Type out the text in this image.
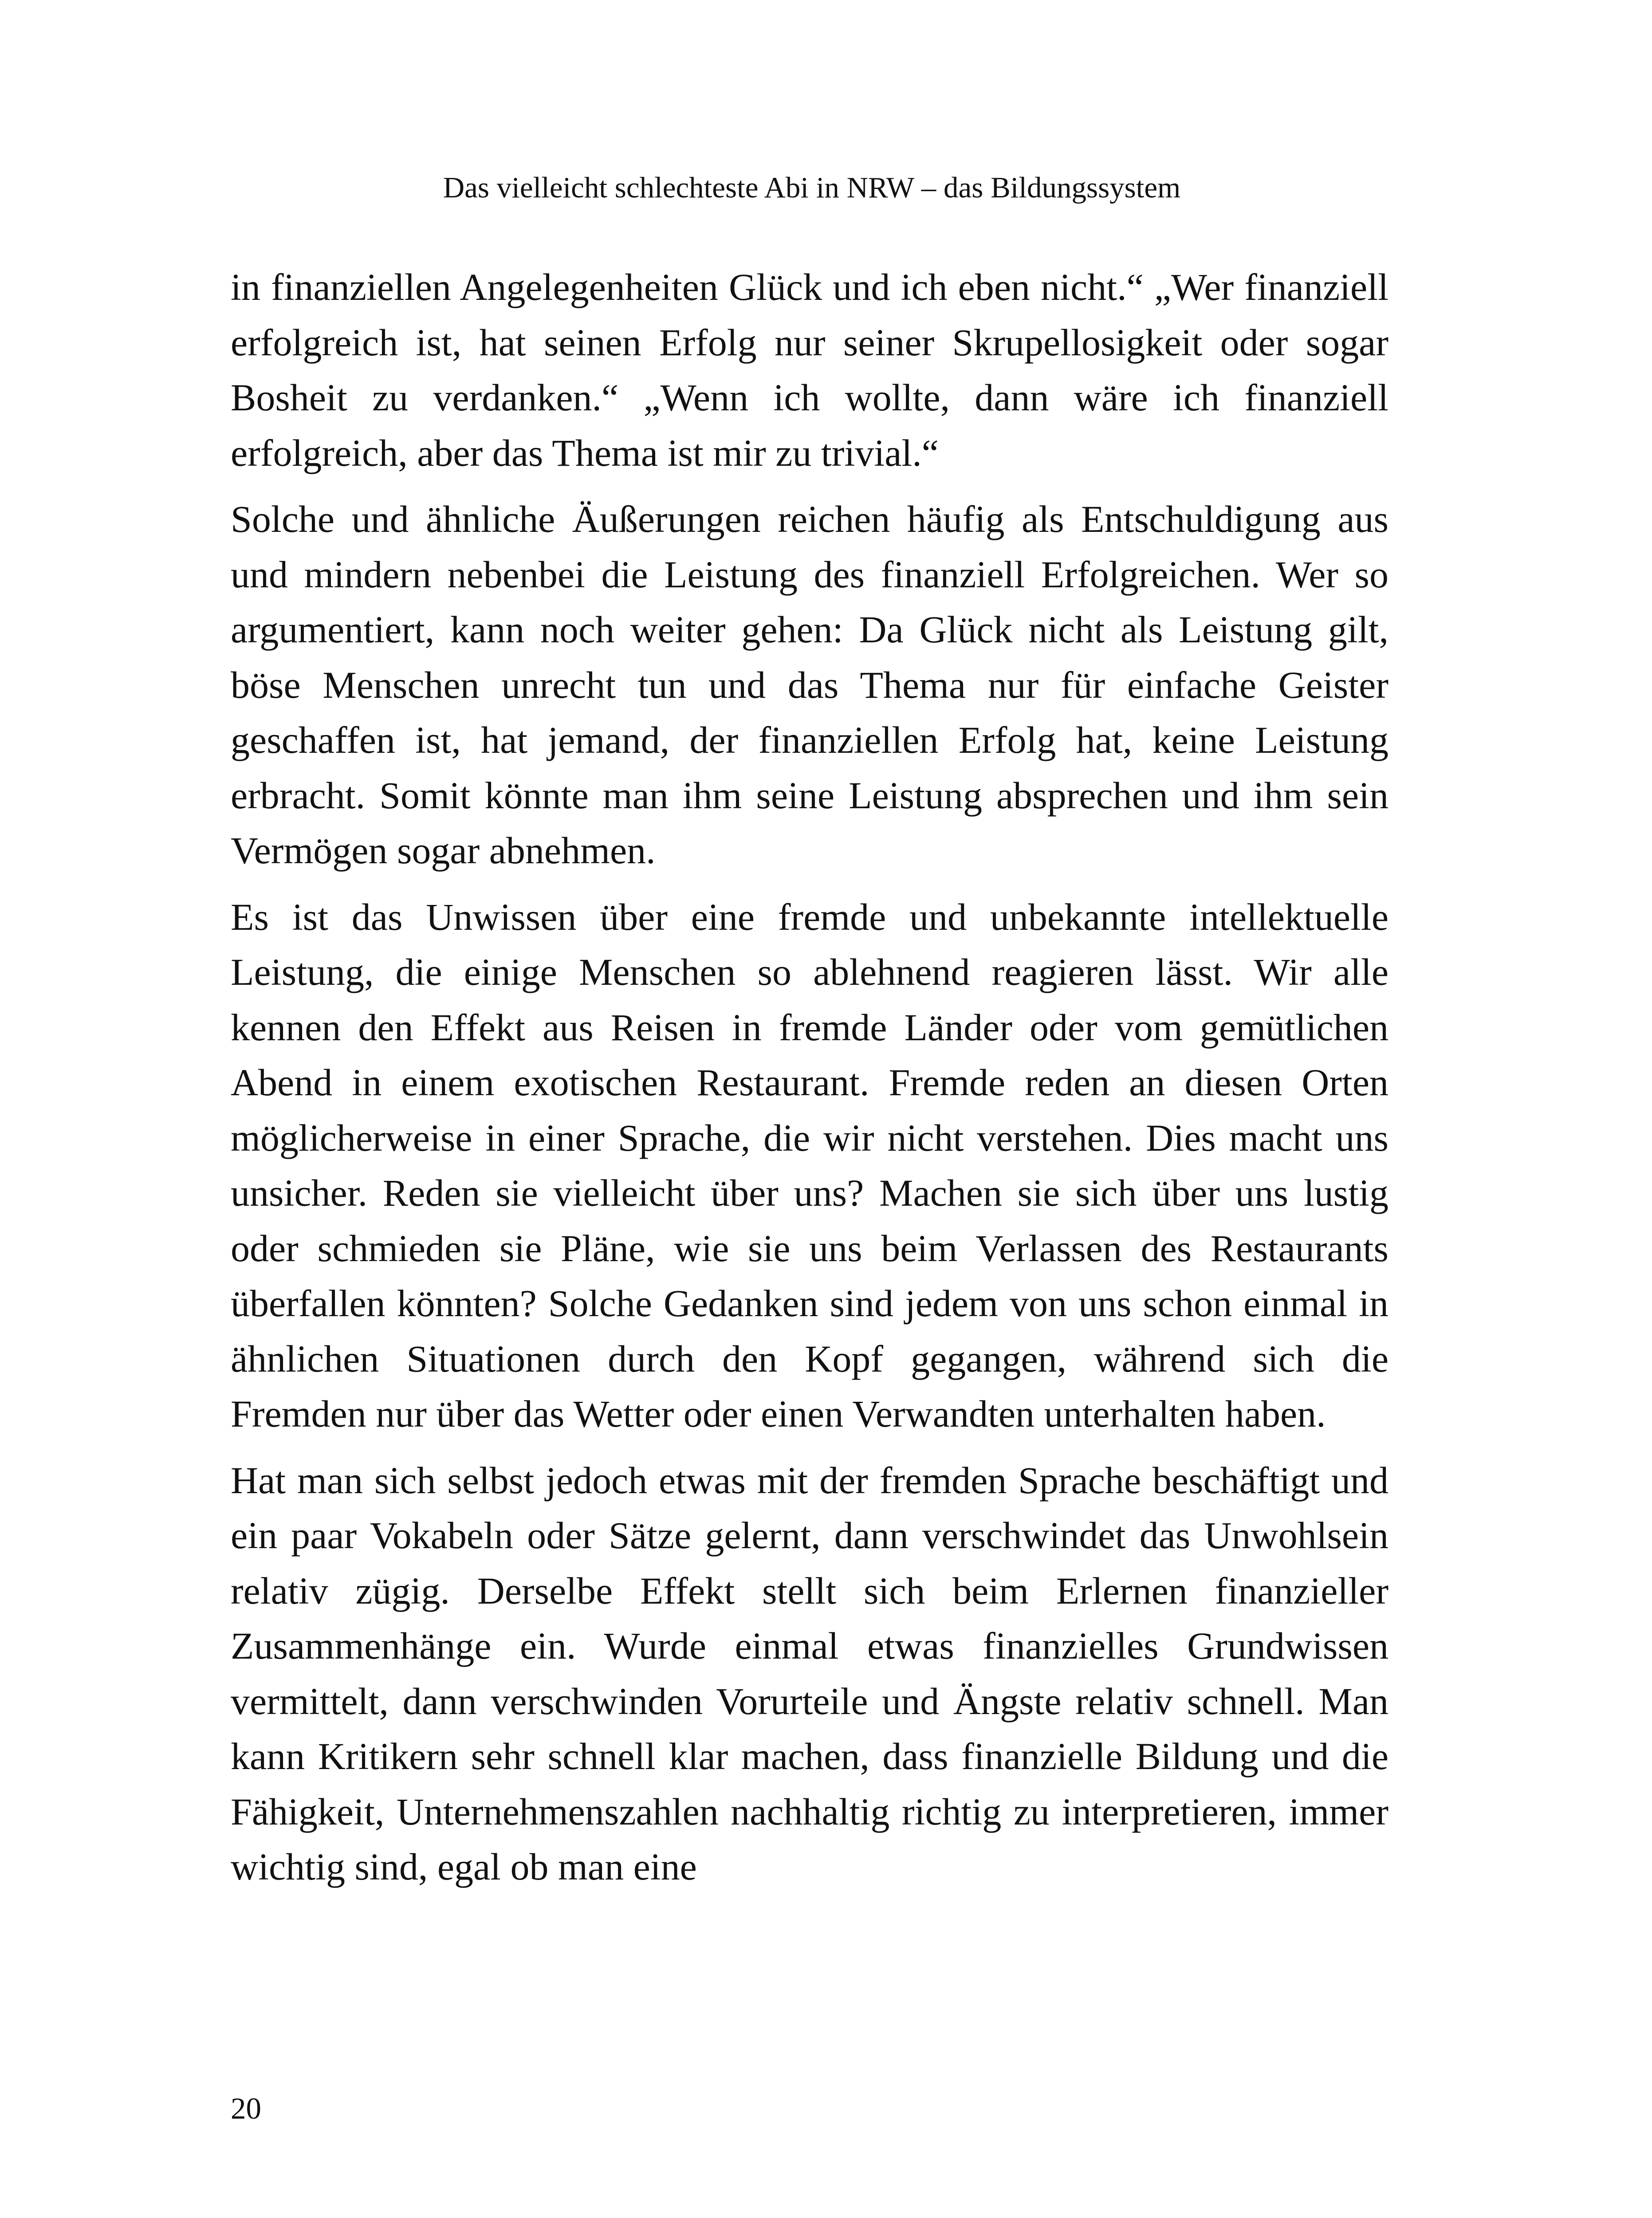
Das vielleicht schlechteste Abi in NRW – das Bildungssystem

in finanziellen Angelegenheiten Glück und ich eben nicht.“ „Wer finanziell erfolgreich ist, hat seinen Erfolg nur seiner Skrupellosigkeit oder sogar Bosheit zu verdanken.“ „Wenn ich wollte, dann wäre ich finanziell erfolgreich, aber das Thema ist mir zu trivial.“

Solche und ähnliche Äußerungen reichen häufig als Entschuldigung aus und mindern nebenbei die Leistung des finanziell Erfolgreichen. Wer so argumentiert, kann noch weiter gehen: Da Glück nicht als Leistung gilt, böse Menschen unrecht tun und das Thema nur für einfache Geister geschaffen ist, hat jemand, der finanziellen Erfolg hat, keine Leistung erbracht. Somit könnte man ihm seine Leistung absprechen und ihm sein Vermögen sogar abnehmen.

Es ist das Unwissen über eine fremde und unbekannte intellektuelle Leistung, die einige Menschen so ablehnend reagieren lässt. Wir alle kennen den Effekt aus Reisen in fremde Länder oder vom gemütlichen Abend in einem exotischen Restaurant. Fremde reden an diesen Orten möglicherweise in einer Sprache, die wir nicht verstehen. Dies macht uns unsicher. Reden sie vielleicht über uns? Machen sie sich über uns lustig oder schmieden sie Pläne, wie sie uns beim Verlassen des Restaurants überfallen könnten? Solche Gedanken sind jedem von uns schon einmal in ähnlichen Situationen durch den Kopf gegangen, während sich die Fremden nur über das Wetter oder einen Verwandten unterhalten haben.

Hat man sich selbst jedoch etwas mit der fremden Sprache beschäftigt und ein paar Vokabeln oder Sätze gelernt, dann verschwindet das Unwohlsein relativ zügig. Derselbe Effekt stellt sich beim Erlernen finanzieller Zusammenhänge ein. Wurde einmal etwas finanzielles Grundwissen vermittelt, dann verschwinden Vorurteile und Ängste relativ schnell. Man kann Kritikern sehr schnell klar machen, dass finanzielle Bildung und die Fähigkeit, Unternehmenszahlen nachhaltig richtig zu interpretieren, immer wichtig sind, egal ob man eine

20
